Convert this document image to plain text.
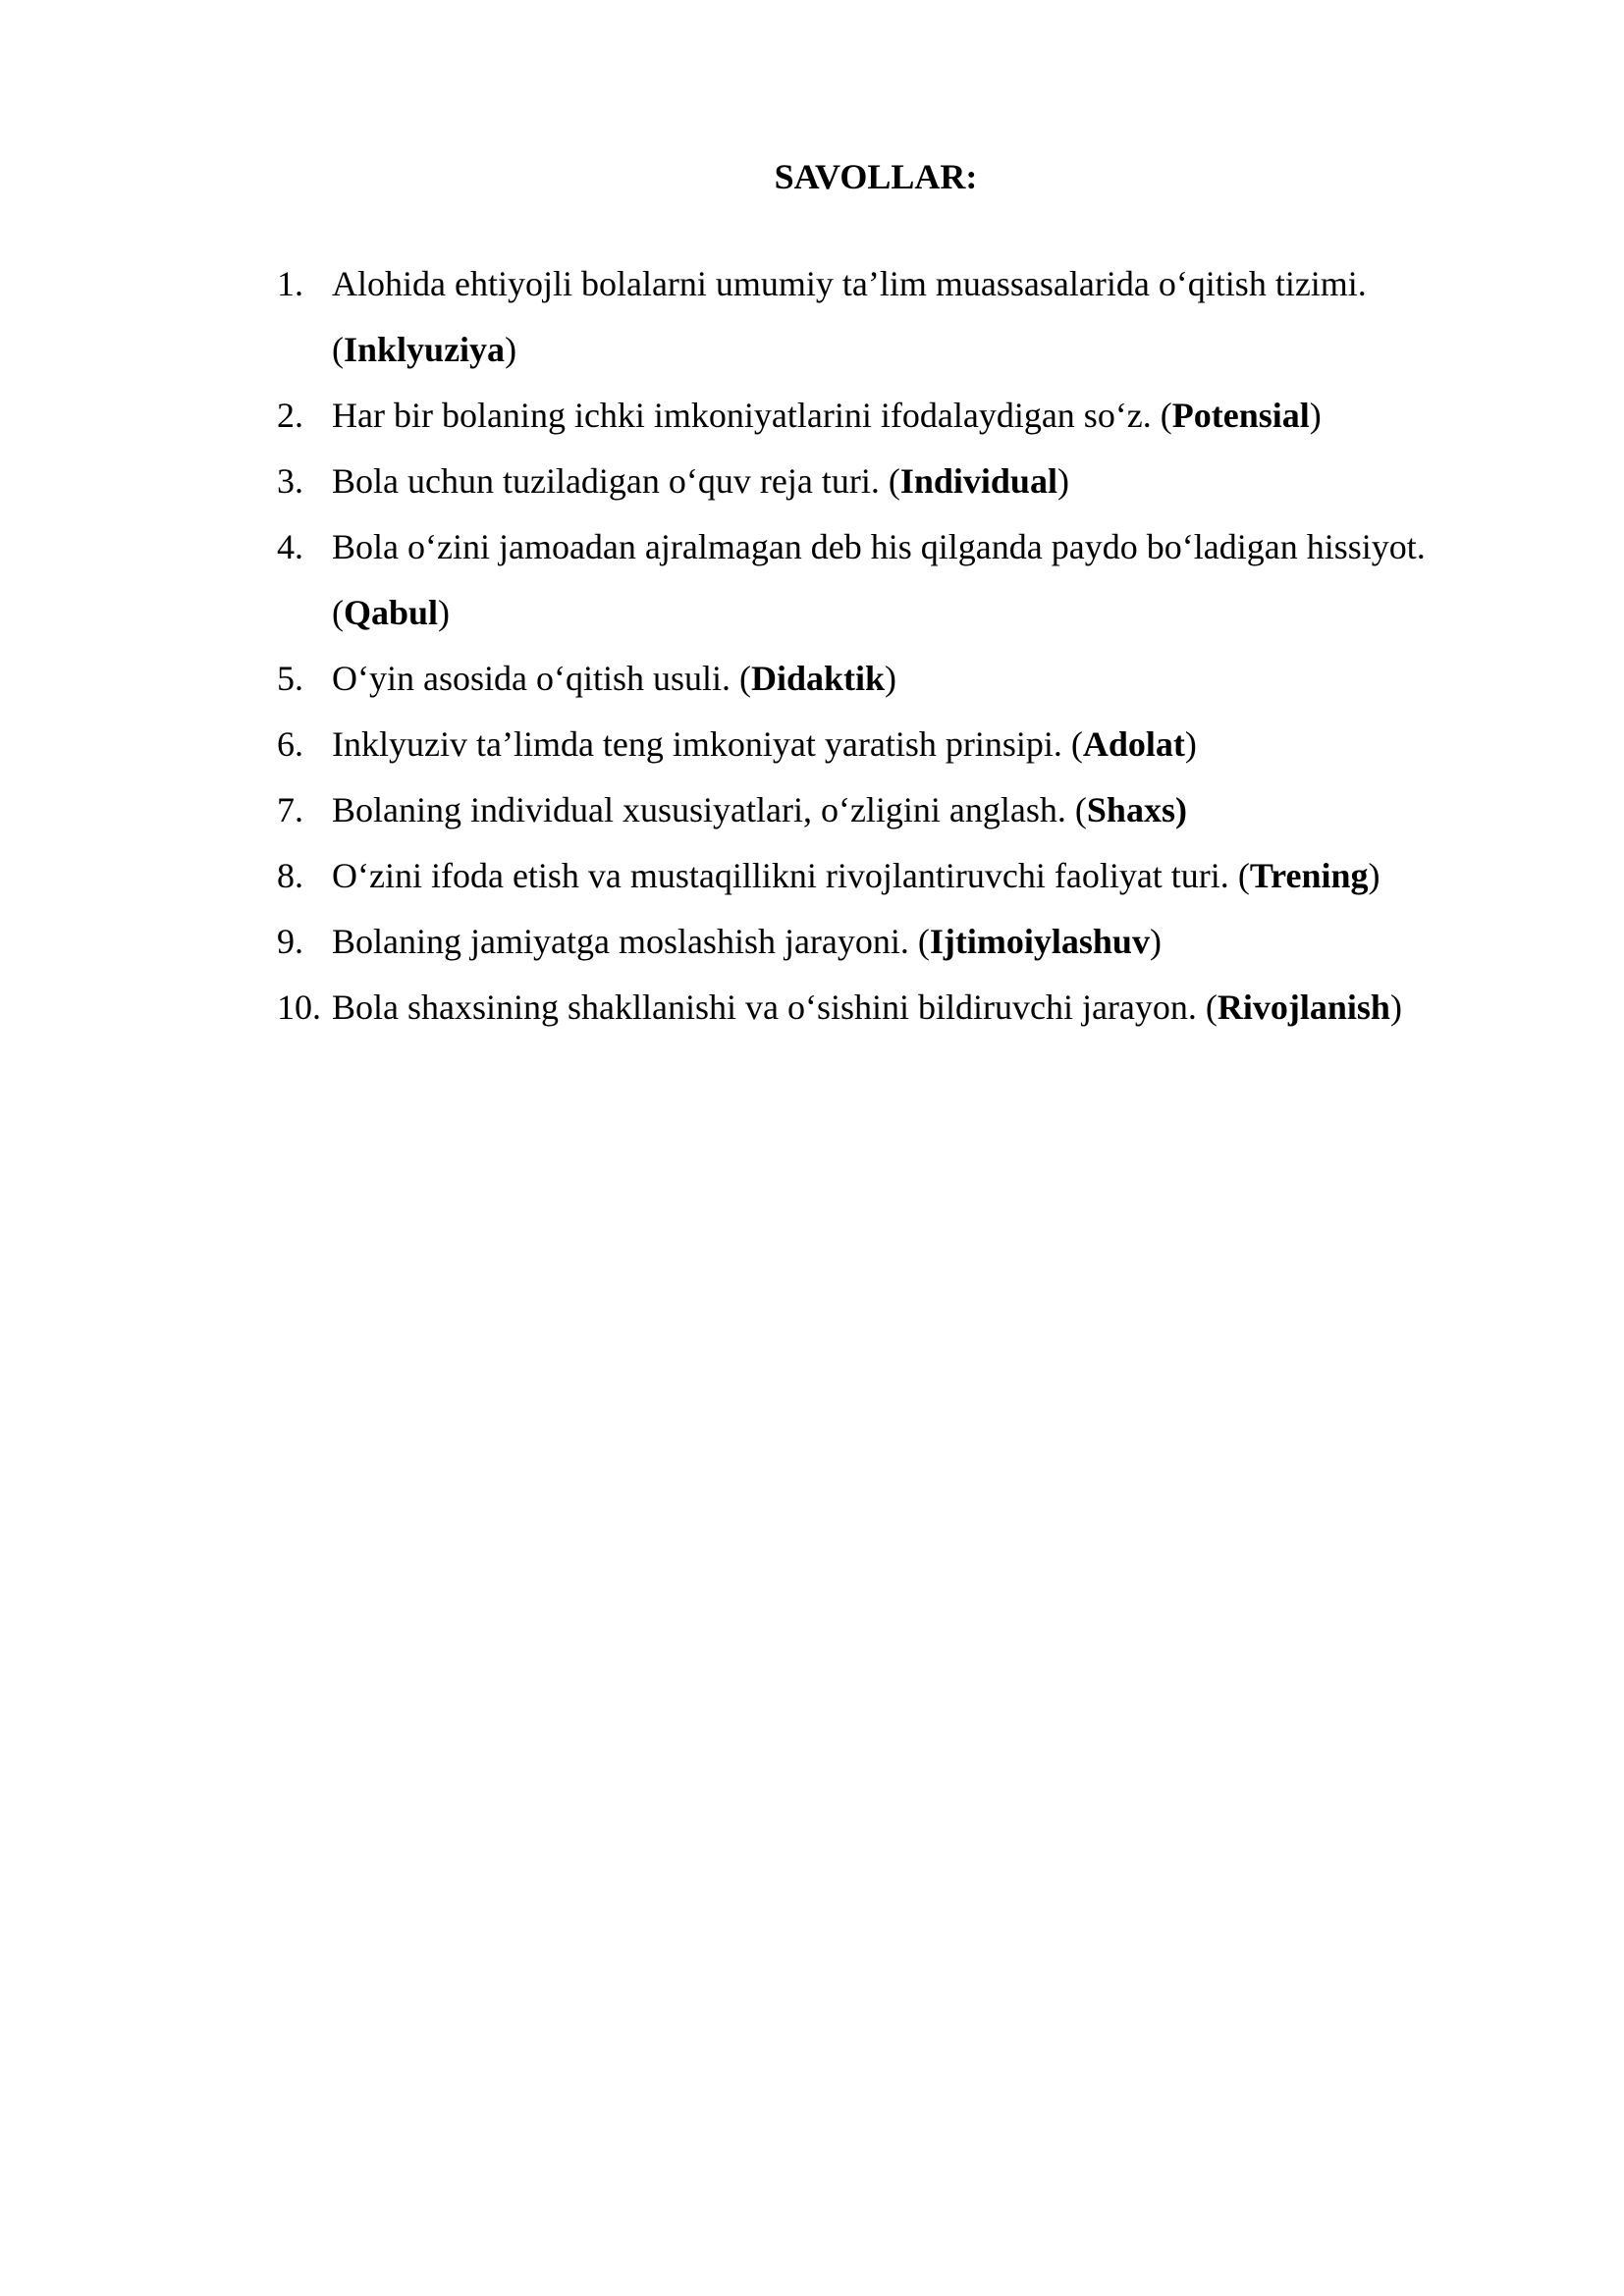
SAVOLLAR:
1. Alohida ehtiyojli bolalarni umumiy ta’lim muassasalarida o‘qitish tizimi.
(Inklyuziya)
2. Har bir bolaning ichki imkoniyatlarini ifodalaydigan so‘z. (Potensial)
3. Bola uchun tuziladigan o‘quv reja turi. (Individual)
4. Bola o‘zini jamoadan ajralmagan deb his qilganda paydo bo‘ladigan hissiyot. (Qabul)
5. O‘yin asosida o‘qitish usuli. (Didaktik)
6. Inklyuziv ta’limda teng imkoniyat yaratish prinsipi. (Adolat)
7. Bolaning individual xususiyatlari, o‘zligini anglash. (Shaxs)
8. O‘zini ifoda etish va mustaqillikni rivojlantiruvchi faoliyat turi. (Trening)
9. Bolaning jamiyatga moslashish jarayoni. (Ijtimoiylashuv)
10. Bola shaxsining shakllanishi va o‘sishini bildiruvchi jarayon. (Rivojlanish)
